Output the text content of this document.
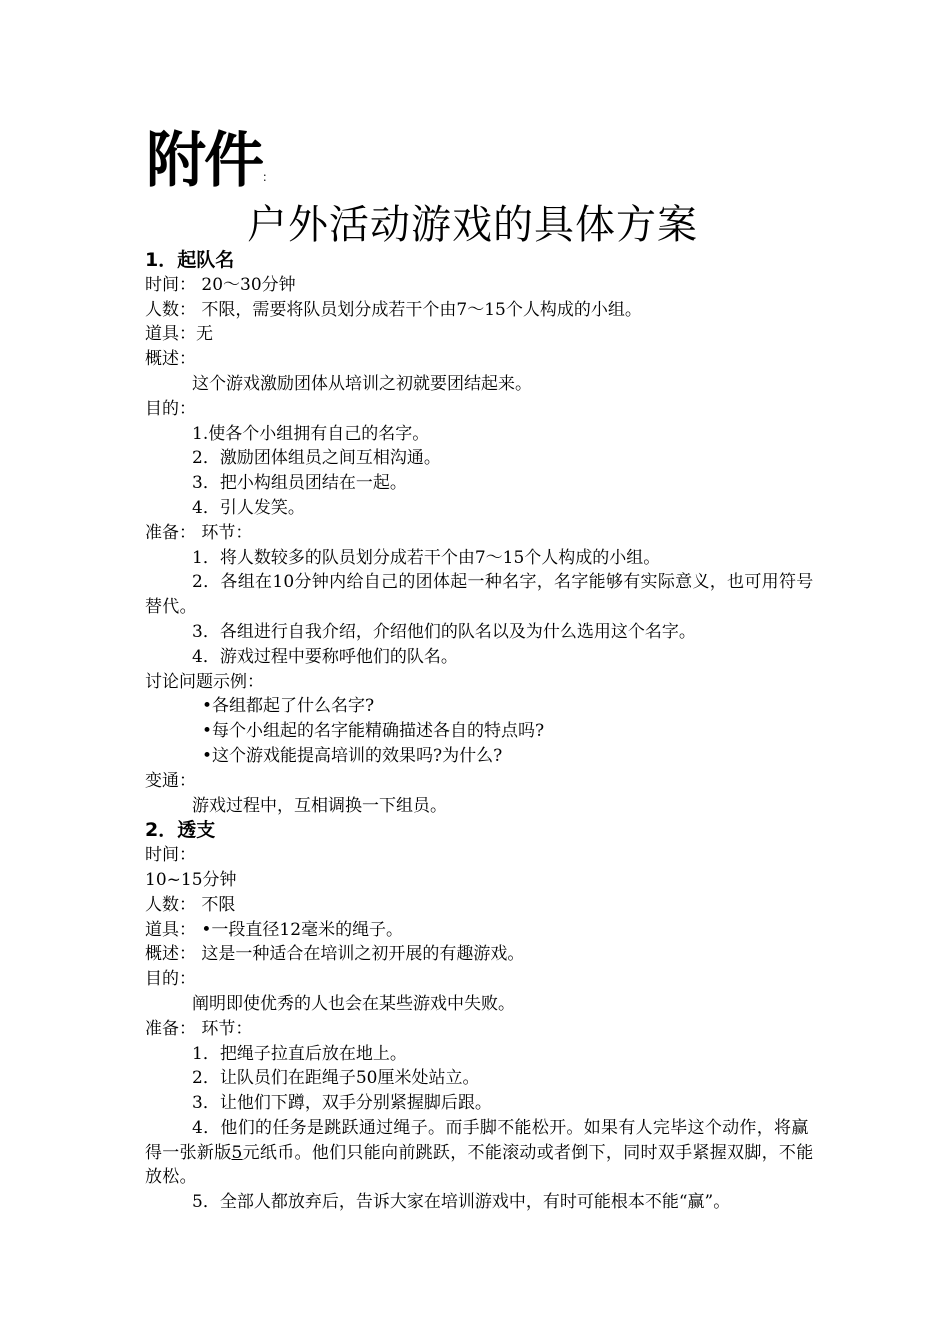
附件：
户外活动游戏的具体方案
1．起队名
时间： 20～30分钟
人数： 不限，需要将队员划分成若干个由7～15个人构成的小组。
道具：无
概述：
这个游戏激励团体从培训之初就要团结起来。
目的：
1.使各个小组拥有自己的名字。
2．激励团体组员之间互相沟通。
3．把小构组员团结在一起。
4．引人发笑。
准备： 环节：
1．将人数较多的队员划分成若干个由7～15个人构成的小组。
2．各组在10分钟内给自己的团体起一种名字，名字能够有实际意义，也可用符号替代。
3．各组进行自我介绍，介绍他们的队名以及为什么选用这个名字。
4．游戏过程中要称呼他们的队名。
讨论问题示例：
•各组都起了什么名字?
•每个小组起的名字能精确描述各自的特点吗?
•这个游戏能提高培训的效果吗?为什么?
变通：
游戏过程中，互相调换一下组员。
2．透支
时间：
10~15分钟
人数： 不限
道具： •一段直径12毫米的绳子。
概述： 这是一种适合在培训之初开展的有趣游戏。
目的：
阐明即使优秀的人也会在某些游戏中失败。
准备： 环节：
1．把绳子拉直后放在地上。
2．让队员们在距绳子50厘米处站立。
3．让他们下蹲，双手分别紧握脚后跟。
4．他们的任务是跳跃通过绳子。而手脚不能松开。如果有人完毕这个动作，将赢得一张新版5元纸币。他们只能向前跳跃，不能滚动或者倒下，同时双手紧握双脚，不能放松。
5．全部人都放弃后，告诉大家在培训游戏中，有时可能根本不能“赢”。
